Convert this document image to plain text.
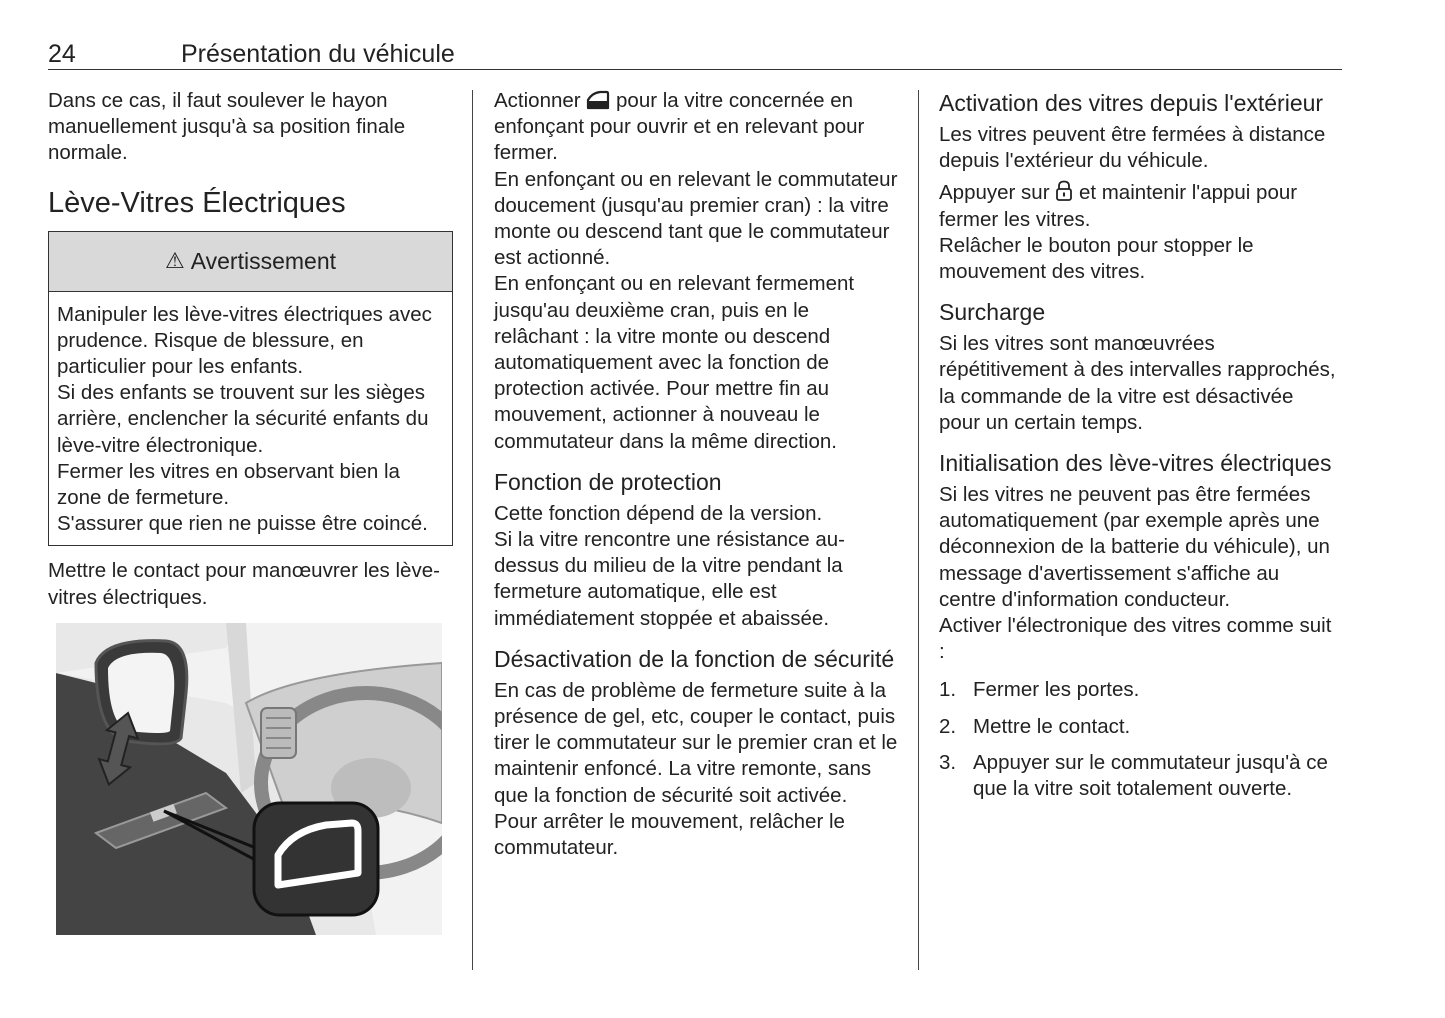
24	Présentation du véhicule

Dans ce cas, il faut soulever le hayon manuellement jusqu'à sa position finale normale.

Lève-Vitres Électriques
⚠ Avertissement

Manipuler les lève-vitres électriques avec prudence. Risque de blessure, en particulier pour les enfants.

Si des enfants se trouvent sur les sièges arrière, enclencher la sécurité enfants du lève-vitre électronique.

Fermer les vitres en observant bien la zone de fermeture.

S'assurer que rien ne puisse être coincé.

Mettre le contact pour manœuvrer les lève-vitres électriques.

Actionner  pour la vitre concernée en enfonçant pour ouvrir et en relevant pour fermer.

En enfonçant ou en relevant le commutateur doucement (jusqu'au premier cran) : la vitre monte ou descend tant que le commutateur est actionné.

En enfonçant ou en relevant fermement jusqu'au deuxième cran, puis en le relâchant : la vitre monte ou descend automatiquement avec la fonction de protection activée. Pour mettre fin au mouvement, actionner à nouveau le commutateur dans la même direction.

Fonction de protection

Cette fonction dépend de la version.

Si la vitre rencontre une résistance au-dessus du milieu de la vitre pendant la fermeture automatique, elle est immédiatement stoppée et abaissée.

Désactivation de la fonction de sécurité

En cas de problème de fermeture suite à la présence de gel, etc, couper le contact, puis tirer le commutateur sur le premier cran et le maintenir enfoncé. La vitre remonte, sans que la fonction de sécurité soit activée.

Pour arrêter le mouvement, relâcher le commutateur.

Activation des vitres depuis l'extérieur

Les vitres peuvent être fermées à distance depuis l'extérieur du véhicule.

Appuyer sur  et maintenir l'appui pour fermer les vitres.

Relâcher le bouton pour stopper le mouvement des vitres.

Surcharge

Si les vitres sont manœuvrées répétitivement à des intervalles rapprochés, la commande de la vitre est désactivée pour un certain temps.

Initialisation des lève-vitres électriques

Si les vitres ne peuvent pas être fermées automatiquement (par exemple après une déconnexion de la batterie du véhicule), un message d'avertissement s'affiche au centre d'information conducteur.

Activer l'électronique des vitres comme suit :

1. Fermer les portes.
2. Mettre le contact.
3. Appuyer sur le commutateur jusqu'à ce que la vitre soit totalement ouverte.
